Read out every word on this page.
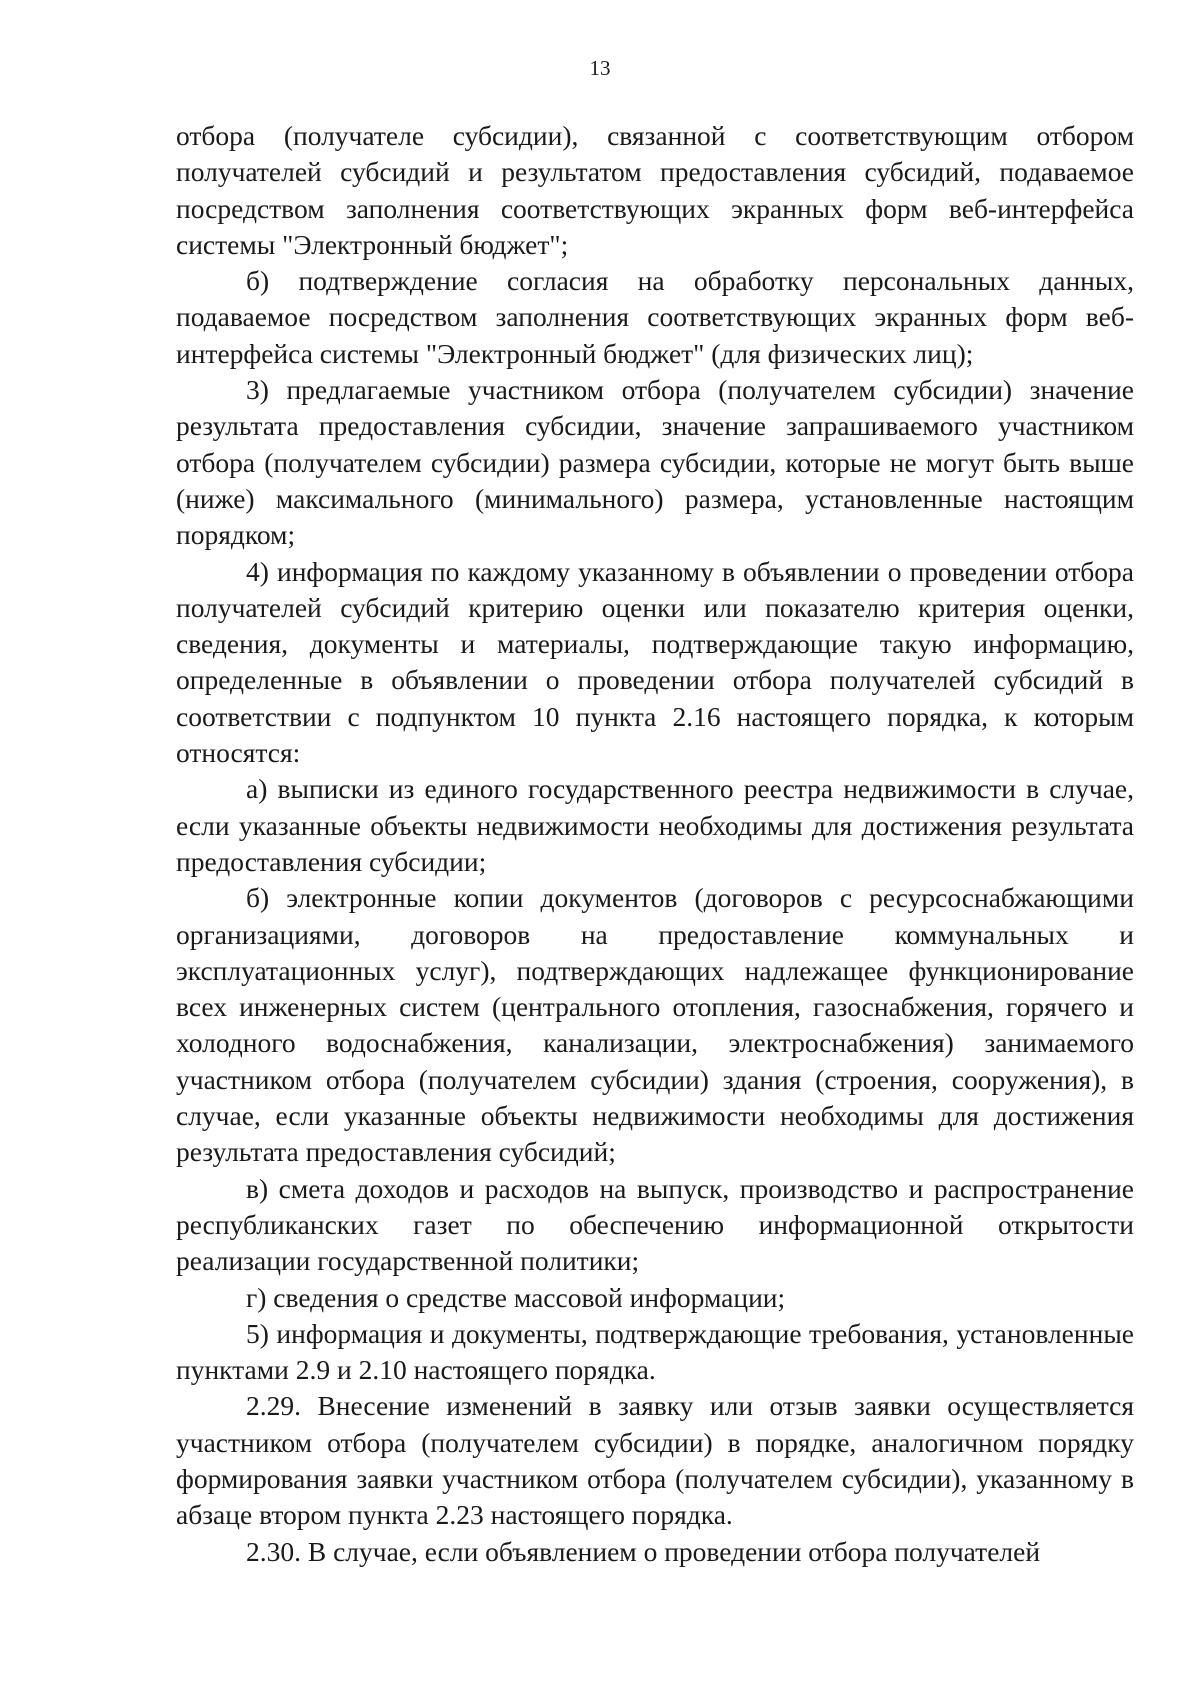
13

отбора (получателе субсидии), связанной с соответствующим отбором получателей субсидий и результатом предоставления субсидий, подаваемое посредством заполнения соответствующих экранных форм веб-интерфейса системы "Электронный бюджет";

б) подтверждение согласия на обработку персональных данных, подаваемое посредством заполнения соответствующих экранных форм веб-интерфейса системы "Электронный бюджет" (для физических лиц);

3) предлагаемые участником отбора (получателем субсидии) значение результата предоставления субсидии, значение запрашиваемого участником отбора (получателем субсидии) размера субсидии, которые не могут быть выше (ниже) максимального (минимального) размера, установленные настоящим порядком;

4) информация по каждому указанному в объявлении о проведении отбора получателей субсидий критерию оценки или показателю критерия оценки, сведения, документы и материалы, подтверждающие такую информацию, определенные в объявлении о проведении отбора получателей субсидий в соответствии с подпунктом 10 пункта 2.16 настоящего порядка, к которым относятся:

а) выписки из единого государственного реестра недвижимости в случае, если указанные объекты недвижимости необходимы для достижения результата предоставления субсидии;

б) электронные копии документов (договоров с ресурсоснабжающими организациями, договоров на предоставление коммунальных и эксплуатационных услуг), подтверждающих надлежащее функционирование всех инженерных систем (центрального отопления, газоснабжения, горячего и холодного водоснабжения, канализации, электроснабжения) занимаемого участником отбора (получателем субсидии) здания (строения, сооружения), в случае, если указанные объекты недвижимости необходимы для достижения результата предоставления субсидий;

в) смета доходов и расходов на выпуск, производство и распространение республиканских газет по обеспечению информационной открытости реализации государственной политики;

г) сведения о средстве массовой информации;

5) информация и документы, подтверждающие требования, установленные пунктами 2.9 и 2.10 настоящего порядка.

2.29. Внесение изменений в заявку или отзыв заявки осуществляется участником отбора (получателем субсидии) в порядке, аналогичном порядку формирования заявки участником отбора (получателем субсидии), указанному в абзаце втором пункта 2.23 настоящего порядка.

2.30. В случае, если объявлением о проведении отбора получателей
